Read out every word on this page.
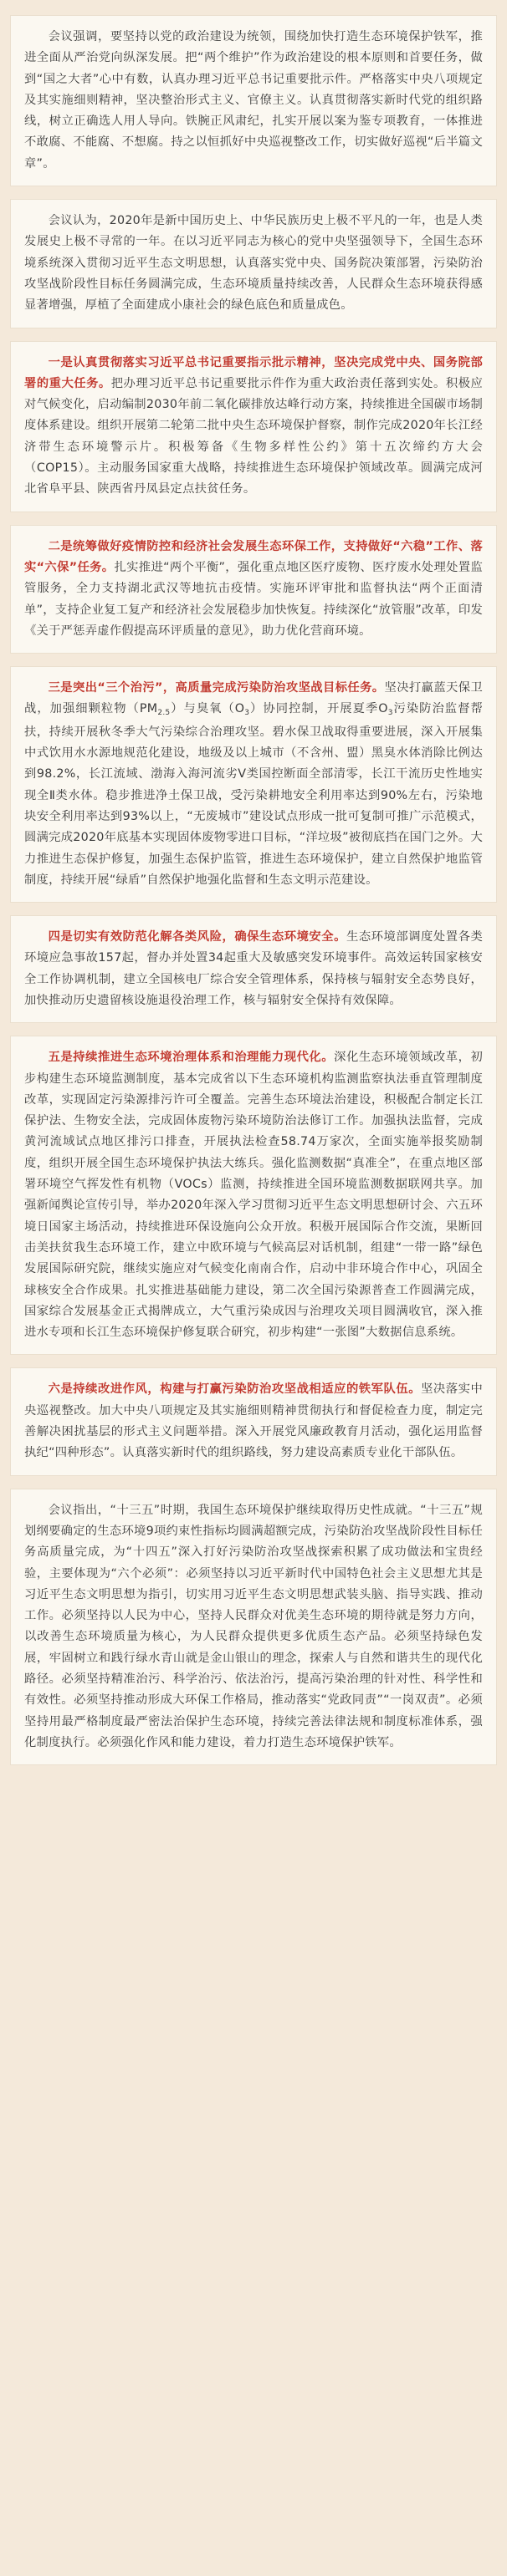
会议强调，要坚持以党的政治建设为统领，围绕加快打造生态环境保护铁军，推进全面从严治党向纵深发展。把“两个维护”作为政治建设的根本原则和首要任务，做到“国之大者”心中有数，认真办理习近平总书记重要批示件。严格落实中央八项规定及其实施细则精神，坚决整治形式主义、官僚主义。认真贯彻落实新时代党的组织路线，树立正确选人用人导向。铁腕正风肃纪，扎实开展以案为鉴专项教育，一体推进不敢腐、不能腐、不想腐。持之以恒抓好中央巡视整改工作，切实做好巡视“后半篇文章”。

会议认为，2020年是新中国历史上、中华民族历史上极不平凡的一年，也是人类发展史上极不寻常的一年。在以习近平同志为核心的党中央坚强领导下，全国生态环境系统深入贯彻习近平生态文明思想，认真落实党中央、国务院决策部署，污染防治攻坚战阶段性目标任务圆满完成，生态环境质量持续改善，人民群众生态环境获得感显著增强，厚植了全面建成小康社会的绿色底色和质量成色。

一是认真贯彻落实习近平总书记重要指示批示精神，坚决完成党中央、国务院部署的重大任务。把办理习近平总书记重要批示件作为重大政治责任落到实处。积极应对气候变化，启动编制2030年前二氧化碳排放达峰行动方案，持续推进全国碳市场制度体系建设。组织开展第二轮第二批中央生态环境保护督察，制作完成2020年长江经济带生态环境警示片。积极筹备《生物多样性公约》第十五次缔约方大会（COP15）。主动服务国家重大战略，持续推进生态环境保护领域改革。圆满完成河北省阜平县、陕西省丹凤县定点扶贫任务。

二是统筹做好疫情防控和经济社会发展生态环保工作，支持做好“六稳”工作、落实“六保”任务。扎实推进“两个平衡”，强化重点地区医疗废物、医疗废水处理处置监管服务，全力支持湖北武汉等地抗击疫情。实施环评审批和监督执法“两个正面清单”，支持企业复工复产和经济社会发展稳步加快恢复。持续深化“放管服”改革，印发《关于严惩弄虚作假提高环评质量的意见》，助力优化营商环境。

三是突出“三个治污”，高质量完成污染防治攻坚战目标任务。坚决打赢蓝天保卫战，加强细颗粒物$(PM_{2.5})$与臭氧$(O_3)$协同控制，开展夏季$O_3$污染防治监督帮扶，持续开展秋冬季大气污染综合治理攻坚。碧水保卫战取得重要进展，深入开展集中式饮用水水源地规范化建设，地级及以上城市（不含州、盟）黑臭水体消除比例达到98.2%，长江流域、渤海入海河流劣V类国控断面全部清零，长江干流历史性地实现全Ⅱ类水体。稳步推进净土保卫战，受污染耕地安全利用率达到90%左右，污染地块安全利用率达到93%以上，“无废城市”建设试点形成一批可复制可推广示范模式，圆满完成2020年底基本实现固体废物零进口目标，“洋垃圾”被彻底挡在国门之外。大力推进生态保护修复，加强生态保护监管，推进生态环境保护，建立自然保护地监管制度，持续开展“绿盾”自然保护地强化监督和生态文明示范建设。

四是切实有效防范化解各类风险，确保生态环境安全。生态环境部调度处置各类环境应急事故157起，督办并处置34起重大及敏感突发环境事件。高效运转国家核安全工作协调机制，建立全国核电厂综合安全管理体系，保持核与辐射安全态势良好，加快推动历史遗留核设施退役治理工作，核与辐射安全保持有效保障。

五是持续推进生态环境治理体系和治理能力现代化。深化生态环境领域改革，初步构建生态环境监测制度，基本完成省以下生态环境机构监测监察执法垂直管理制度改革，实现固定污染源排污许可全覆盖。完善生态环境法治建设，积极配合制定长江保护法、生物安全法，完成固体废物污染环境防治法修订工作。加强执法监督，完成黄河流域试点地区排污口排查，开展执法检查58.74万家次，全面实施举报奖励制度，组织开展全国生态环境保护执法大练兵。强化监测数据“真准全”，在重点地区部署环境空气挥发性有机物（VOCs）监测，持续推进全国环境监测数据联网共享。加强新闻舆论宣传引导，举办2020年深入学习贯彻习近平生态文明思想研讨会、六五环境日国家主场活动，持续推进环保设施向公众开放。积极开展国际合作交流，果断回击美扶贫我生态环境工作，建立中欧环境与气候高层对话机制，组建“一带一路”绿色发展国际研究院，继续实施应对气候变化南南合作，启动中非环境合作中心，巩固全球核安全合作成果。扎实推进基础能力建设，第二次全国污染源普查工作圆满完成，国家综合发展基金正式揭牌成立，大气重污染成因与治理攻关项目圆满收官，深入推进水专项和长江生态环境保护修复联合研究，初步构建“一张图”大数据信息系统。

六是持续改进作风，构建与打赢污染防治攻坚战相适应的铁军队伍。坚决落实中央巡视整改。加大中央八项规定及其实施细则精神贯彻执行和督促检查力度，制定完善解决困扰基层的形式主义问题举措。深入开展党风廉政教育月活动，强化运用监督执纪“四种形态”。认真落实新时代的组织路线，努力建设高素质专业化干部队伍。

会议指出，“十三五”时期，我国生态环境保护继续取得历史性成就。“十三五”规划纲要确定的生态环境9项约束性指标均圆满超额完成，污染防治攻坚战阶段性目标任务高质量完成，为“十四五”深入打好污染防治攻坚战探索积累了成功做法和宝贵经验，主要体现为“六个必须”：必须坚持以习近平新时代中国特色社会主义思想尤其是习近平生态文明思想为指引，切实用习近平生态文明思想武装头脑、指导实践、推动工作。必须坚持以人民为中心，坚持人民群众对优美生态环境的期待就是努力方向，以改善生态环境质量为核心，为人民群众提供更多优质生态产品。必须坚持绿色发展，牢固树立和践行绿水青山就是金山银山的理念，探索人与自然和谐共生的现代化路径。必须坚持精准治污、科学治污、依法治污，提高污染治理的针对性、科学性和有效性。必须坚持推动形成大环保工作格局，推动落实“党政同责”“一岗双责”。必须坚持用最严格制度最严密法治保护生态环境，持续完善法律法规和制度标准体系，强化制度执行。必须强化作风和能力建设，着力打造生态环境保护铁军。
